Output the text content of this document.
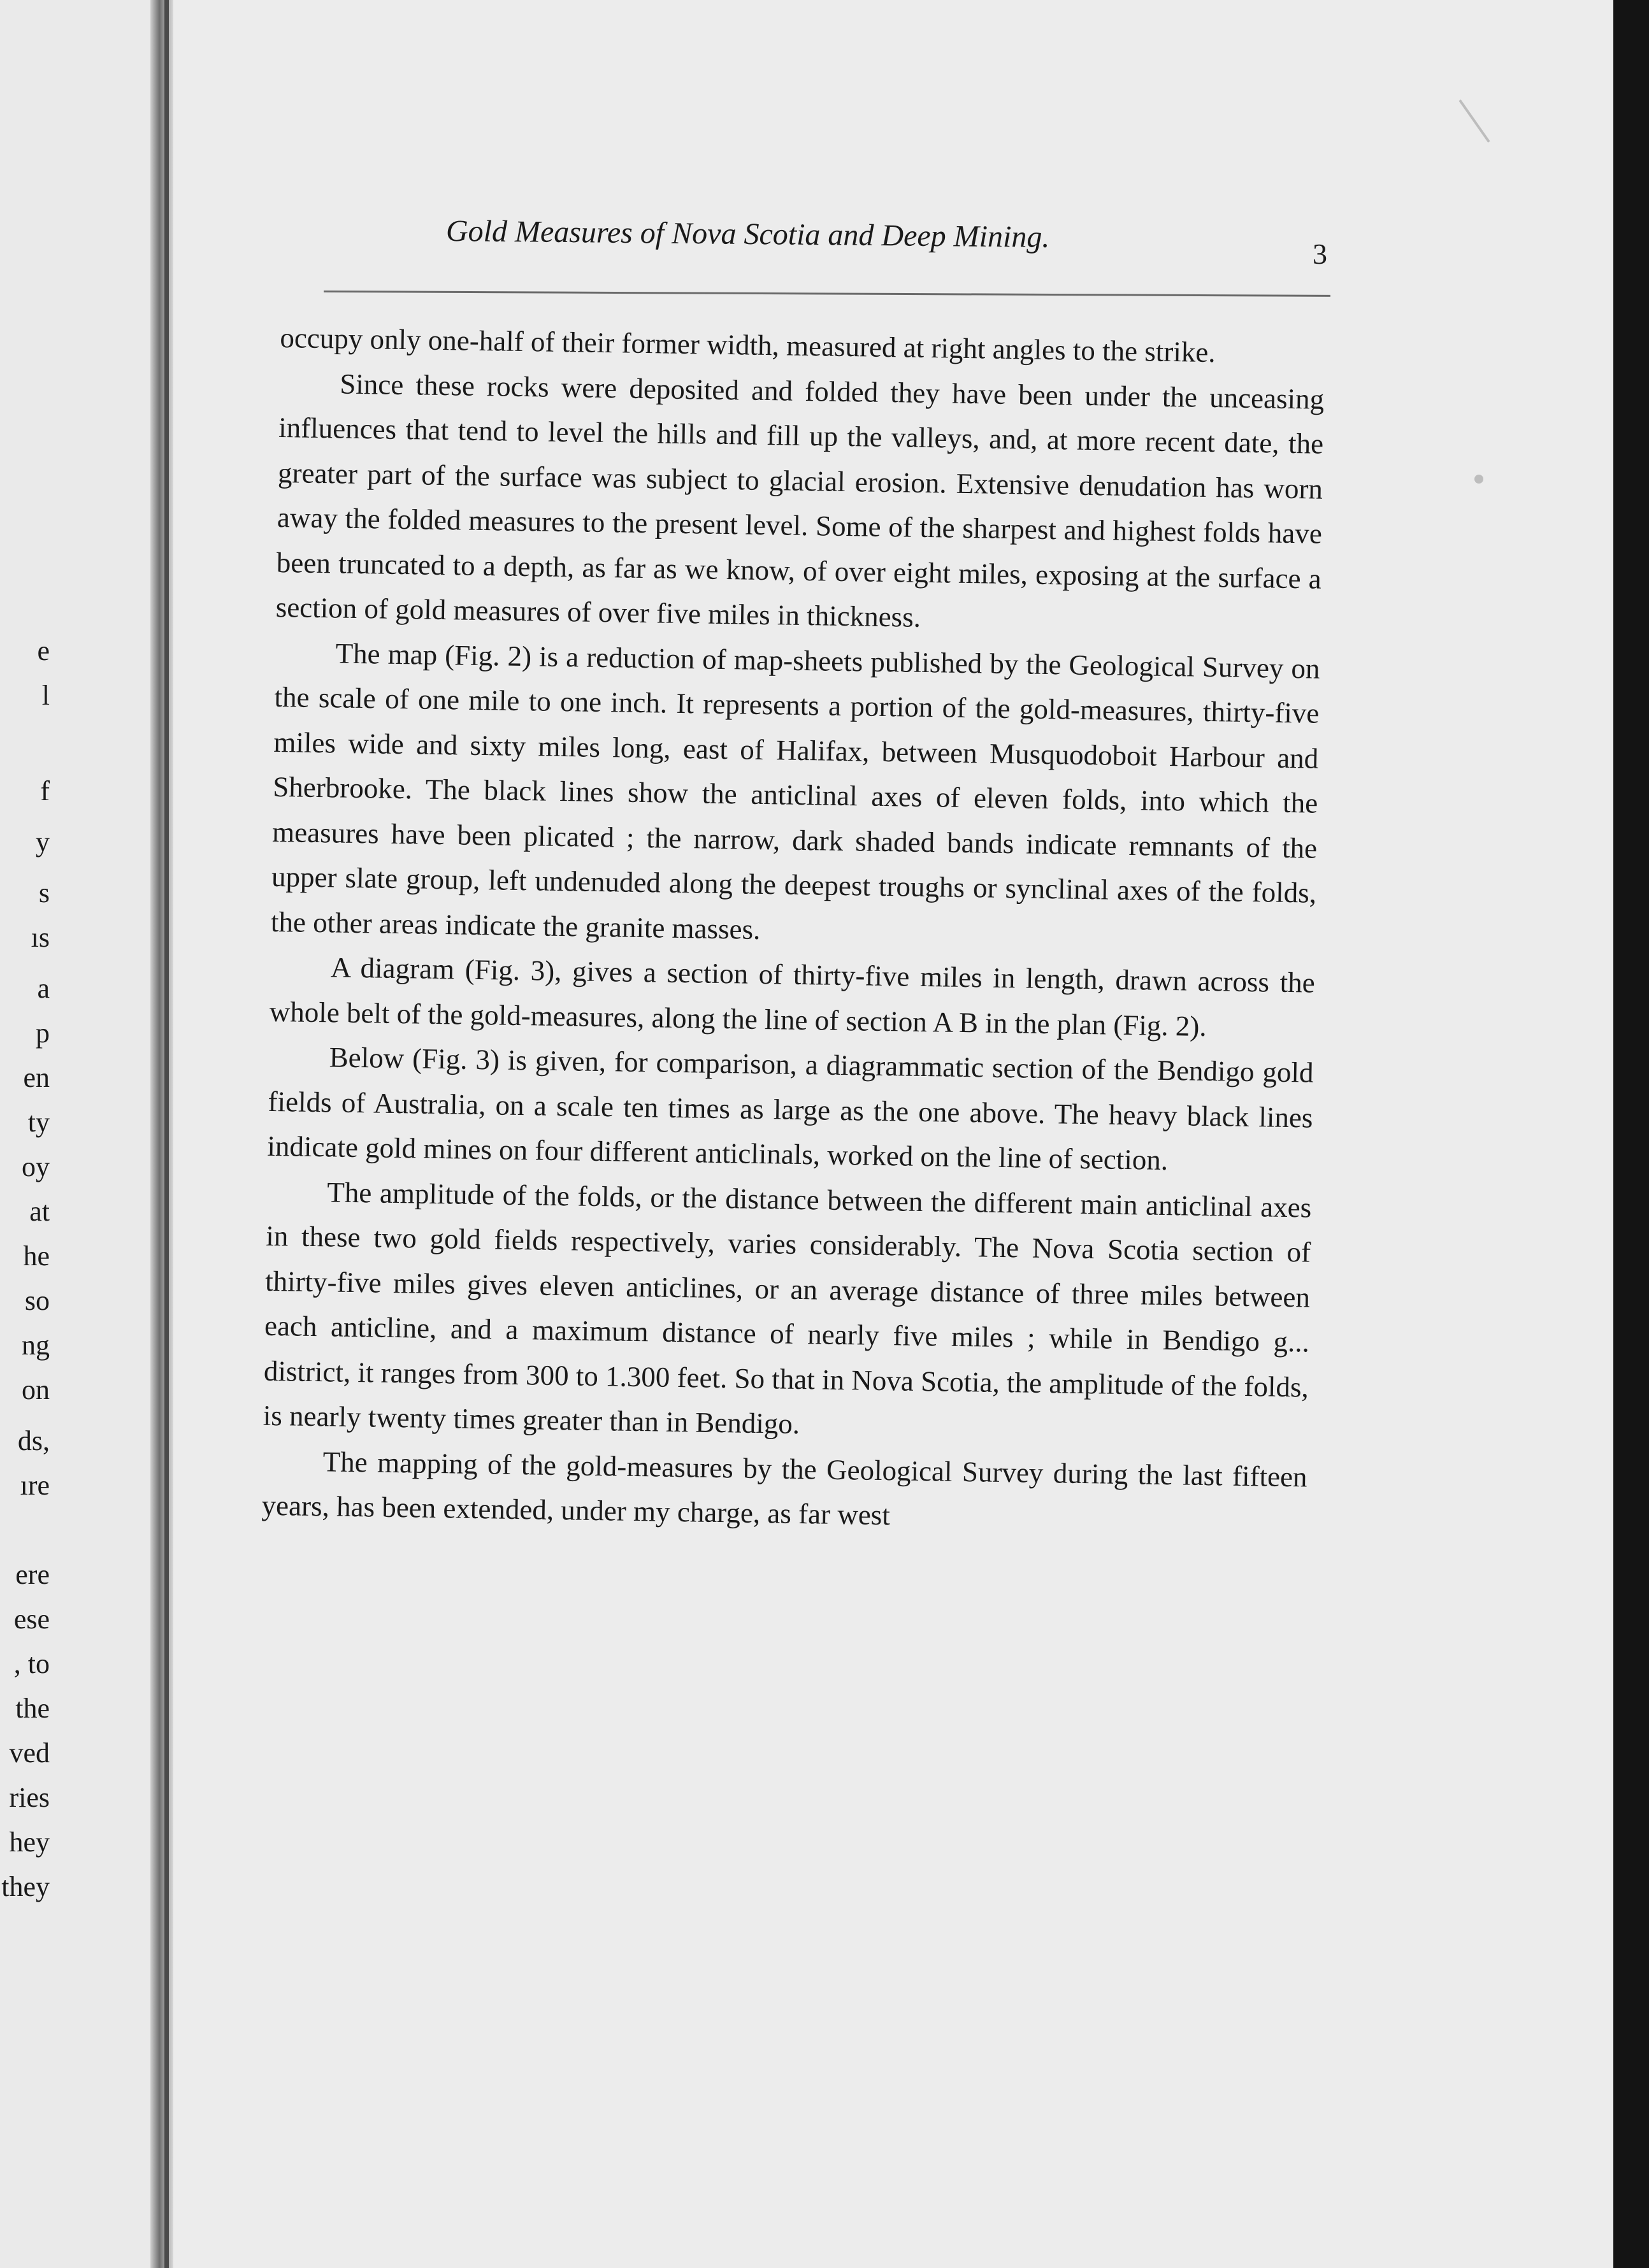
e
l
f
y
s
ıs
a
p
en
ty
oy
at
he
so
ng
on
ds,
ıre
ere
ese
, to
the
ved
ries
hey
they
Gold Measures of Nova Scotia and Deep Mining.	3

occupy only one-half of their former width, measured at right angles to the strike.

Since these rocks were deposited and folded they have been under the unceasing influences that tend to level the hills and fill up the valleys, and, at more recent date, the greater part of the surface was subject to glacial erosion. Extensive denudation has worn away the folded measures to the present level. Some of the sharpest and highest folds have been truncated to a depth, as far as we know, of over eight miles, exposing at the surface a section of gold measures of over five miles in thickness.

The map (Fig. 2) is a reduction of map-sheets published by the Geological Survey on the scale of one mile to one inch. It represents a portion of the gold-measures, thirty-five miles wide and sixty miles long, east of Halifax, between Musquodoboit Harbour and Sherbrooke. The black lines show the anticlinal axes of eleven folds, into which the measures have been plicated ; the narrow, dark shaded bands indicate remnants of the upper slate group, left undenuded along the deepest troughs or synclinal axes of the folds, the other areas indicate the granite masses.

A diagram (Fig. 3), gives a section of thirty-five miles in length, drawn across the whole belt of the gold-measures, along the line of section A B in the plan (Fig. 2).

Below (Fig. 3) is given, for comparison, a diagrammatic section of the Bendigo gold fields of Australia, on a scale ten times as large as the one above. The heavy black lines indicate gold mines on four different anticlinals, worked on the line of section.

The amplitude of the folds, or the distance between the different main anticlinal axes in these two gold fields respectively, varies considerably. The Nova Scotia section of thirty-five miles gives eleven anticlines, or an average distance of three miles between each anticline, and a maximum distance of nearly five miles ; while in Bendigo g... district, it ranges from 300 to 1.300 feet. So that in Nova Scotia, the amplitude of the folds, is nearly twenty times greater than in Bendigo.

The mapping of the gold-measures by the Geological Survey during the last fifteen years, has been extended, under my charge, as far west
